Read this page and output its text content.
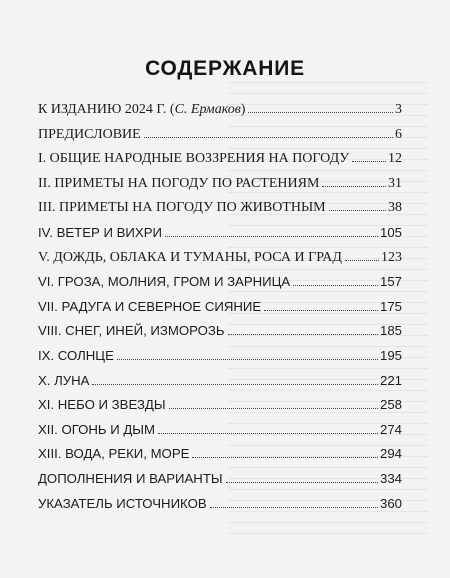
СОДЕРЖАНИЕ
К ИЗДАНИЮ 2024 Г. (С. Ермаков)	3
ПРЕДИСЛОВИЕ	6
I. ОБЩИЕ НАРОДНЫЕ ВОЗЗРЕНИЯ НА ПОГОДУ	12
II. ПРИМЕТЫ НА ПОГОДУ ПО РАСТЕНИЯМ	31
III. ПРИМЕТЫ НА ПОГОДУ ПО ЖИВОТНЫМ	38
IV. ВЕТЕР И ВИХРИ	105
V. ДОЖДЬ, ОБЛАКА И ТУМАНЫ, РОСА И ГРАД	123
VI. ГРОЗА, МОЛНИЯ, ГРОМ И ЗАРНИЦА	157
VII. РАДУГА И СЕВЕРНОЕ СИЯНИЕ	175
VIII. СНЕГ, ИНЕЙ, ИЗМОРОЗЬ	185
IX. СОЛНЦЕ	195
X. ЛУНА	221
XI. НЕБО И ЗВЕЗДЫ	258
XII. ОГОНЬ И ДЫМ	274
XIII. ВОДА, РЕКИ, МОРЕ	294
ДОПОЛНЕНИЯ И ВАРИАНТЫ	334
УКАЗАТЕЛЬ ИСТОЧНИКОВ	360
